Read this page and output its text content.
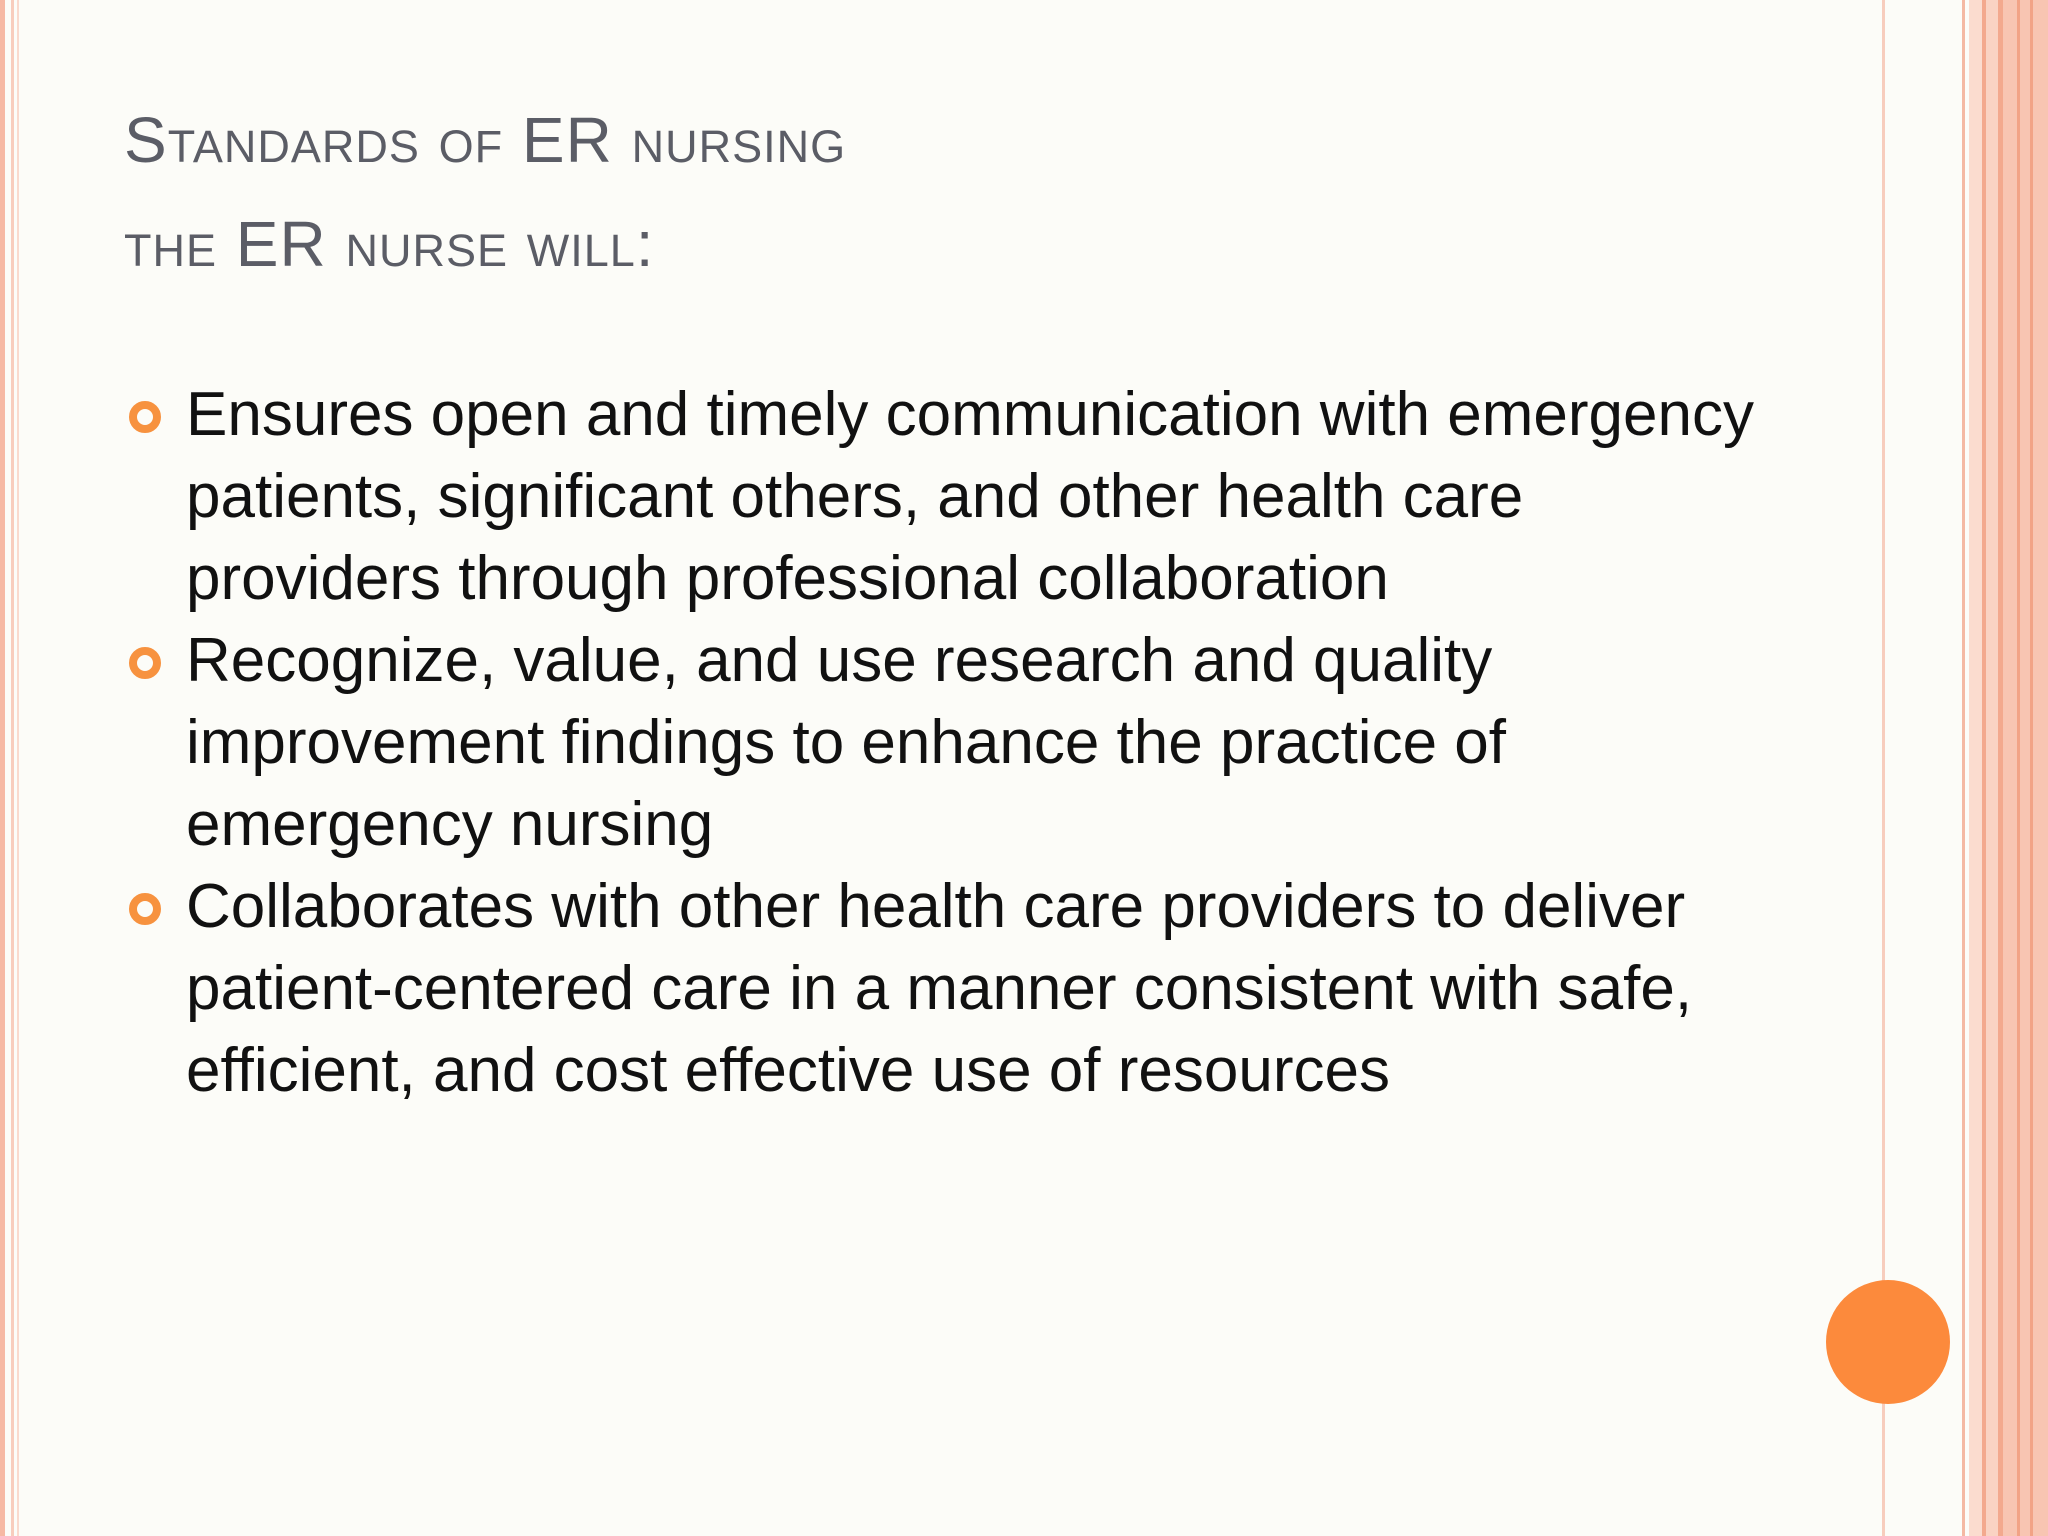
Standards of ER nursing
the ER nurse will:
Ensures open and timely communication with emergency patients, significant others, and other health care providers through professional collaboration
Recognize, value, and use research and quality improvement findings to enhance the practice of emergency nursing
Collaborates with other health care providers to deliver patient-centered care in a manner consistent with safe, efficient, and cost effective use of resources
